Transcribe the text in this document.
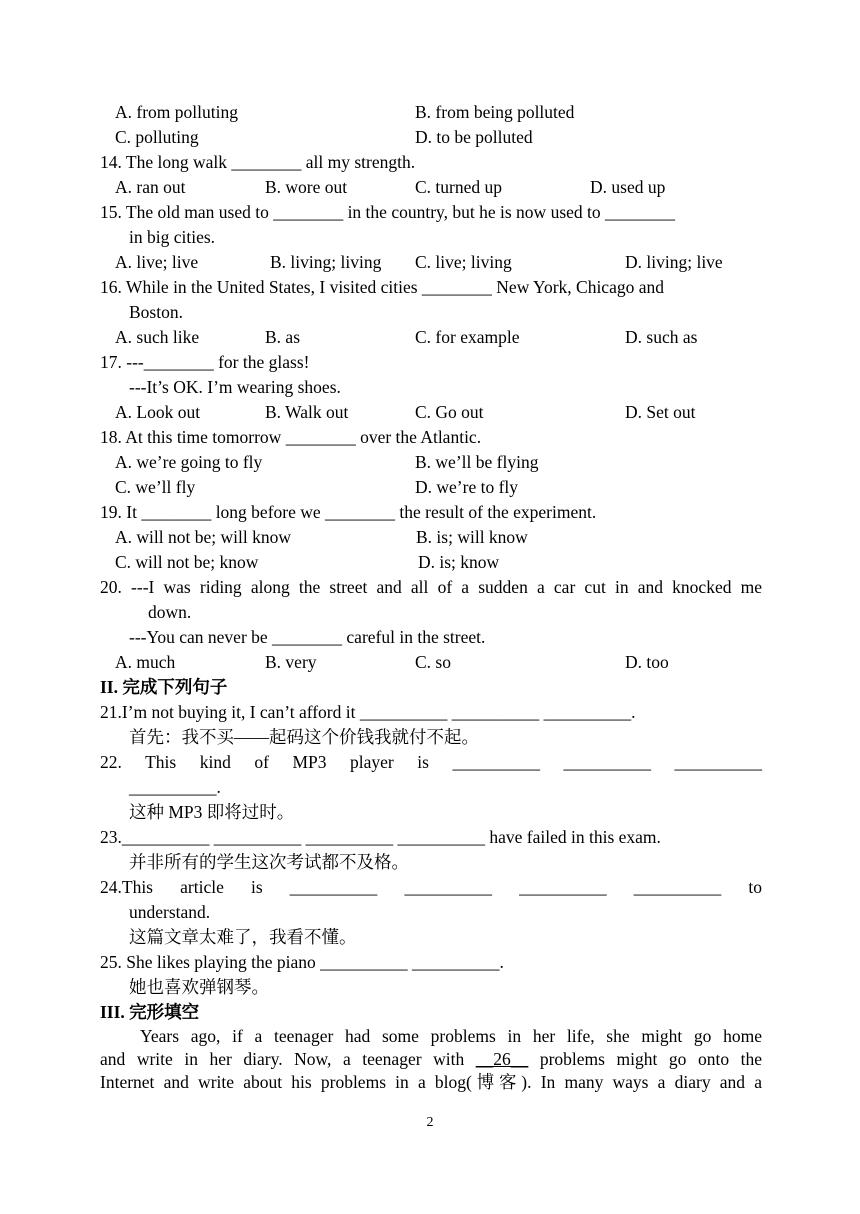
A. from polluting	B. from being polluted
C. polluting	D. to be polluted
14. The long walk ________ all my strength.
A. ran out	B. wore out	C. turned up	D. used up
15. The old man used to ________ in the country, but he is now used to ________
in big cities.
A. live; live	B. living; living C. live; living	D. living; live
16. While in the United States, I visited cities ________ New York, Chicago and
Boston.
A. such like	B. as	C. for example	D. such as
17. ---________ for the glass!
---It’s OK. I’m wearing shoes.
A. Look out	B. Walk out	C. Go out	D. Set out
18. At this time tomorrow ________ over the Atlantic.
A. we’re going to fly	B. we’ll be flying
C. we’ll fly	D. we’re to fly
19. It ________ long before we ________ the result of the experiment.
A. will not be; will know	B. is; will know
C. will not be; know	D. is; know
20. ---I was riding along the street and all of a sudden a car cut in and knocked me
down.
---You can never be ________ careful in the street.
A. much	B. very	C. so	D. too
II. 完成下列句子
21.I’m not buying it, I can’t afford it __________ __________ __________.
首先：我不买——起码这个价钱我就付不起。
22. This kind of MP3 player is __________ __________ __________
__________.
这种 MP3 即将过时。
23.__________ __________ __________ __________ have failed in this exam.
并非所有的学生这次考试都不及格。
24.This article is __________ __________ __________ __________ to
understand.
这篇文章太难了，我看不懂。
25. She likes playing the piano __________ __________.
她也喜欢弹钢琴。
III. 完形填空
Years ago, if a teenager had some problems in her life, she might go home
and write in her diary. Now, a teenager with __26__ problems might go onto the
Internet and write about his problems in a blog(博客). In many ways a diary and a
2
